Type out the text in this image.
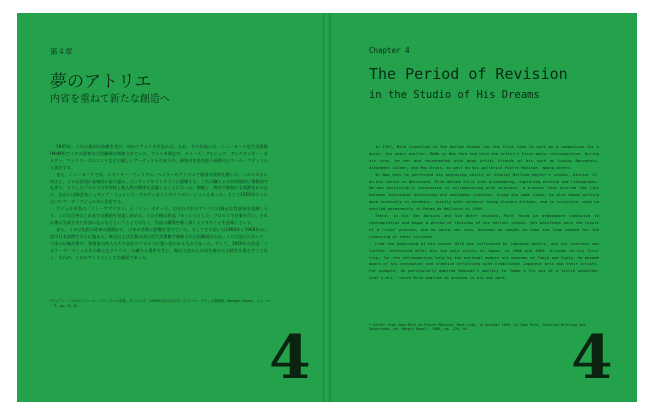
第４章
夢のアトリエ
内省を重ねて新たな創造へ

1947年、ミロは最初の依頼を受け、初めてアメリカを訪れる。なお、その年秋には、ニューヨーク近代美術館(MoMA)でミロの最初の大回顧展が開催されていた。アメリカ滞在中、ルイーズ・ブルジョワ、アレクサンダー・カルダー、マックス・エルンストなどの親しいアーティストの友人や、画家の作品を扱う画商のピエール・マティスらと再会する。

また、ニューヨークでは、スタンリー・ウィリアム・ヘイターのアトリエで版画の技術を磨いた。バルセロナに戻ると、ミロは前国に本格的に取り組み、エッチングやリトグラフに挑戦する。これは職人との共同制作に積極的でもあり、そうしたプロセスは作家性と個人性の関係を意識したことになった。陶磁と、陶芸や彫刻にも情熱をかたむけ、なかには陶芸家ジョゼップ・リョレンス・アルティガスとのコラボレーションもあった。そして1956年にミロはパルマ・デ・マジョルカに住居する。

マジョルカ島の「ソン・アブリネス」と「ソン・ボテール」のそれぞれのアトリエの静かな雰囲気を発揮し入り、ミロは自身のこれまでの創造を見直し始める。ミロの後は作品「ゆっくりとした」プロセスで仕事を行い、それは後に完成させた作品になるなどということではなく、作品の構築を静く深く入りすることを意味している。

また、ミロは色彩の改革の面倒から、日本の芸術に影響を受けていた。そしてその思いは1966年と1969年の二度の日本訪問でさらに強まる。東京および京都の国立近代美術館で開催された回顧展のため、ミロは訪日において、日本の伝統美術や、書道家の作人たちや詩作のプロセスに強い惹かれるものであった。そして、1956年の作品「パルマ・デ・マジョルカの新たなアトリエ」の確たる場所を生に、陶石大会からの気を掛けた大時計を果たすことなく、それが、ミロのアトリエとしての側面であった。

*ジョアン・ミロからピエール・マティスへの手紙、モンロイグ　1945年10月12日付（ピエール・マティス資料館、Morgan Library、ニューヨーク、pp. 15, 42.
4
Chapter 4
The Period of Revision
in the Studio of His Dreams

In 1947, Miró travelled to the United States for the first time to work on a commission for a mural. Six years earlier, MoMA in New York had held the artist's first major retrospective. During his stay, he met and reconnected with good artist friends of his such as Louise Bourgeois, Alexander Calder, and Max Ernst, as well as his gallerist Pierre Matisse, among others.

In New York he perfected his engraving skills at Stanley William Hayter's studio, Atelier 17. On his return to Barcelona, Miró delved fully into printmaking, exploring etching and lithography. He was particularly interested in collaborating with artisans, a process that blurred the line between individual authorship and anonymous creation. Along the same lines, he also began working more intensely in ceramics, jointly with ceramist Josep Llorens Artigas, and in sculpture, when he settled permanently in Palma de Mallorca in 1956.

There, in his Son Abrines and Son Boter studios, Miró found an atmosphere conducive to contemplation and began a period of revision of his earlier output. His paintings were the result of a "slow" process, one he would not rush, because he sought to take the time needed for the cleansing of their surfaces.

From the beginning of his career Miró was influenced by Japanese poetry, and his interest was further reinforced after his two only visits to Japan, in 1966 and 1969. Already on his first trip, for the retrospective held by the national modern art museums of Tokyo and Kyoto, he became aware of his conceptual and creative affinities with traditional Japanese arts and their artists. For example, he particularly admired Hokusai's ability to "make a fly out of a little penholder that's all," which Miró aspired to achieve in his own work.

* Letter from Joan Miró to Pierre Matisse, Mont-roig, 12 October 1945. In Joan Miró, Selected Writings and Interviews, ed. Margit Rowell, 1986, pp. 125, 44.	4
